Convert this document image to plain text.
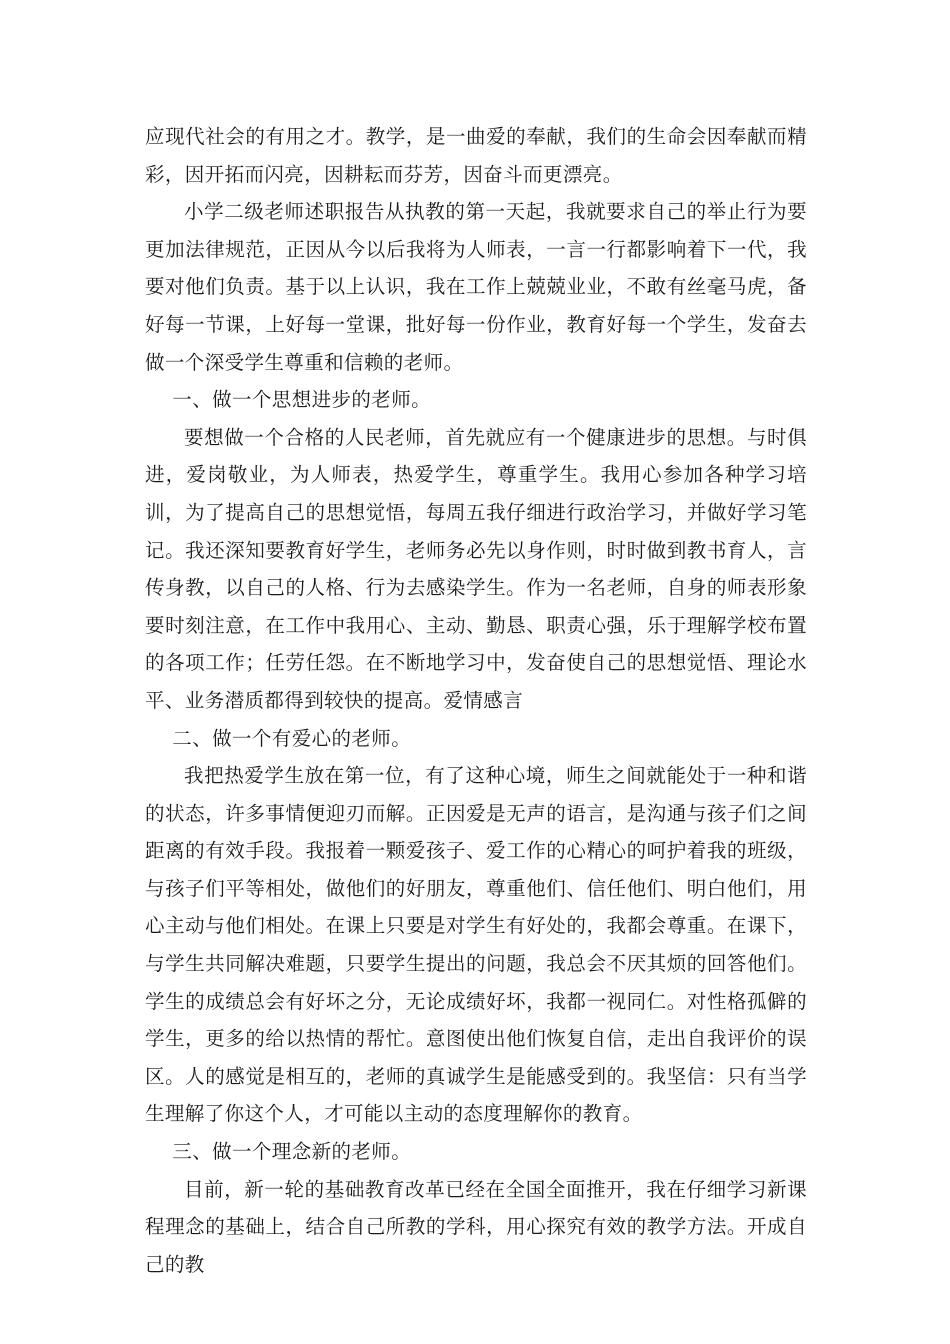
应现代社会的有用之才。教学，是一曲爱的奉献，我们的生命会因奉献而精彩，因开拓而闪亮，因耕耘而芬芳，因奋斗而更漂亮。

小学二级老师述职报告从执教的第一天起，我就要求自己的举止行为要更加法律规范，正因从今以后我将为人师表，一言一行都影响着下一代，我要对他们负责。基于以上认识，我在工作上兢兢业业，不敢有丝毫马虎，备好每一节课，上好每一堂课，批好每一份作业，教育好每一个学生，发奋去做一个深受学生尊重和信赖的老师。

一、做一个思想进步的老师。

要想做一个合格的人民老师，首先就应有一个健康进步的思想。与时俱进，爱岗敬业，为人师表，热爱学生，尊重学生。我用心参加各种学习培训，为了提高自己的思想觉悟，每周五我仔细进行政治学习，并做好学习笔记。我还深知要教育好学生，老师务必先以身作则，时时做到教书育人，言传身教，以自己的人格、行为去感染学生。作为一名老师，自身的师表形象要时刻注意，在工作中我用心、主动、勤恳、职责心强，乐于理解学校布置的各项工作；任劳任怨。在不断地学习中，发奋使自己的思想觉悟、理论水平、业务潜质都得到较快的提高。爱情感言

二、做一个有爱心的老师。

我把热爱学生放在第一位，有了这种心境，师生之间就能处于一种和谐的状态，许多事情便迎刃而解。正因爱是无声的语言，是沟通与孩子们之间距离的有效手段。我报着一颗爱孩子、爱工作的心精心的呵护着我的班级，与孩子们平等相处，做他们的好朋友，尊重他们、信任他们、明白他们，用心主动与他们相处。在课上只要是对学生有好处的，我都会尊重。在课下，与学生共同解决难题，只要学生提出的问题，我总会不厌其烦的回答他们。学生的成绩总会有好坏之分，无论成绩好坏，我都一视同仁。对性格孤僻的学生，更多的给以热情的帮忙。意图使出他们恢复自信，走出自我评价的误区。人的感觉是相互的，老师的真诚学生是能感受到的。我坚信：只有当学生理解了你这个人，才可能以主动的态度理解你的教育。

三、做一个理念新的老师。

目前，新一轮的基础教育改革已经在全国全面推开，我在仔细学习新课程理念的基础上，结合自己所教的学科，用心探究有效的教学方法。开成自己的教
